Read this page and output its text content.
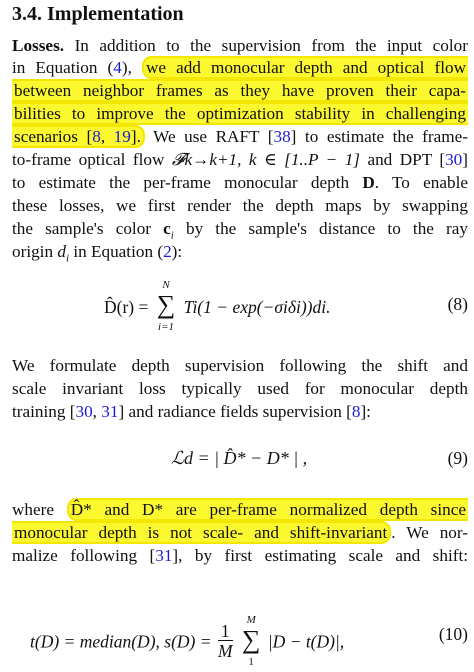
3.4. Implementation
Losses. In addition to the supervision from the input color
in Equation (4), we add monocular depth and optical flow
between neighbor frames as they have proven their capa-
bilities to improve the optimization stability in challenging
scenarios [8, 19]. We use RAFT [38] to estimate the frame-
to-frame optical flow 𝓕k→k+1, k ∈ [1..P − 1] and DPT [30]
to estimate the per-frame monocular depth D. To enable
these losses, we first render the depth maps by swapping
the sample's color $c_i$ by the sample's distance to the ray
origin $d_i$ in Equation (2):
D̂(r) = ∑
N
i=1
Ti(1 − exp(−σiδi))di.	(8)
We formulate depth supervision following the shift and
scale invariant loss typically used for monocular depth
training [30, 31] and radiance fields supervision [8]:
ℒd = | D̂* − D* | ,	(9)
where D̂* and D* are per-frame normalized depth since
monocular depth is not scale- and shift-invariant . We nor-
malize following [31], by first estimating scale and shift:
t(D) = median(D), $s(D) = \frac{1}{M}$ ∑
M
1
|D − t(D)|,	(10)
